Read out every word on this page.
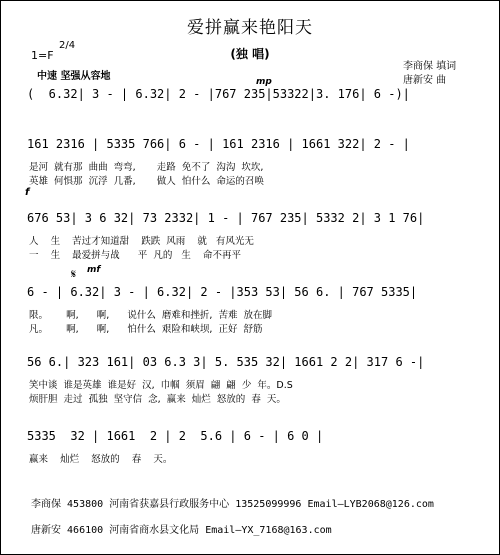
爱拼赢来艳阳天
(独 唱)
李商保 填词
唐新安 曲
1=F
2/4
中速 坚强从容地	mp
(  6.32| 3 - | 6.32| 2 - |767 235|53322|3. 176| 6 -)|
161 2316 | 5335 766| 6 - | 161 2316 | 1661 322| 2 - |
是河  就有那  曲曲  弯弯,       走路  免不了  沟沟  坎坎,
英雄  何惧那  沉浮  几番,       做人  怕什么  命运的召唤
f
676 53| 3 6 32| 73 2332| 1 - | 767 235| 5332 2| 3 1 76|
人    生    苦过才知道甜    跌跌  风雨    就   有风光无
一    生    最爱拼与战      平  凡的   生    命不再平
𝄋 mf
6 - | 6.32| 3 - | 6.32| 2 - |353 53| 56 6. | 767 5335|
限。      啊,      啊,      说什么  磨难和挫折,  苦难  放在脚
凡。      啊,      啊,      怕什么  艰险和峡坝,  正好  舒筋
56 6.| 323 161| 03 6.3 3| 5. 535 32| 1661 2 2| 317 6 -|
笑中谈  谁是英雄  谁是好  汉,  巾帼  须眉  翩  翩  少  年。D.S
烦肝胆  走过  孤独  坚守信  念,  赢来  灿烂  怒放的  春  天。
5335  32 | 1661  2 | 2  5.6 | 6 - | 6 0 |
赢来    灿烂    怒放的    春    天。
李商保 453800 河南省获嘉县行政服务中心 13525099996 Email—LYB2068@126.com
唐新安 466100 河南省商水县文化局 Email—YX_7168@163.com
